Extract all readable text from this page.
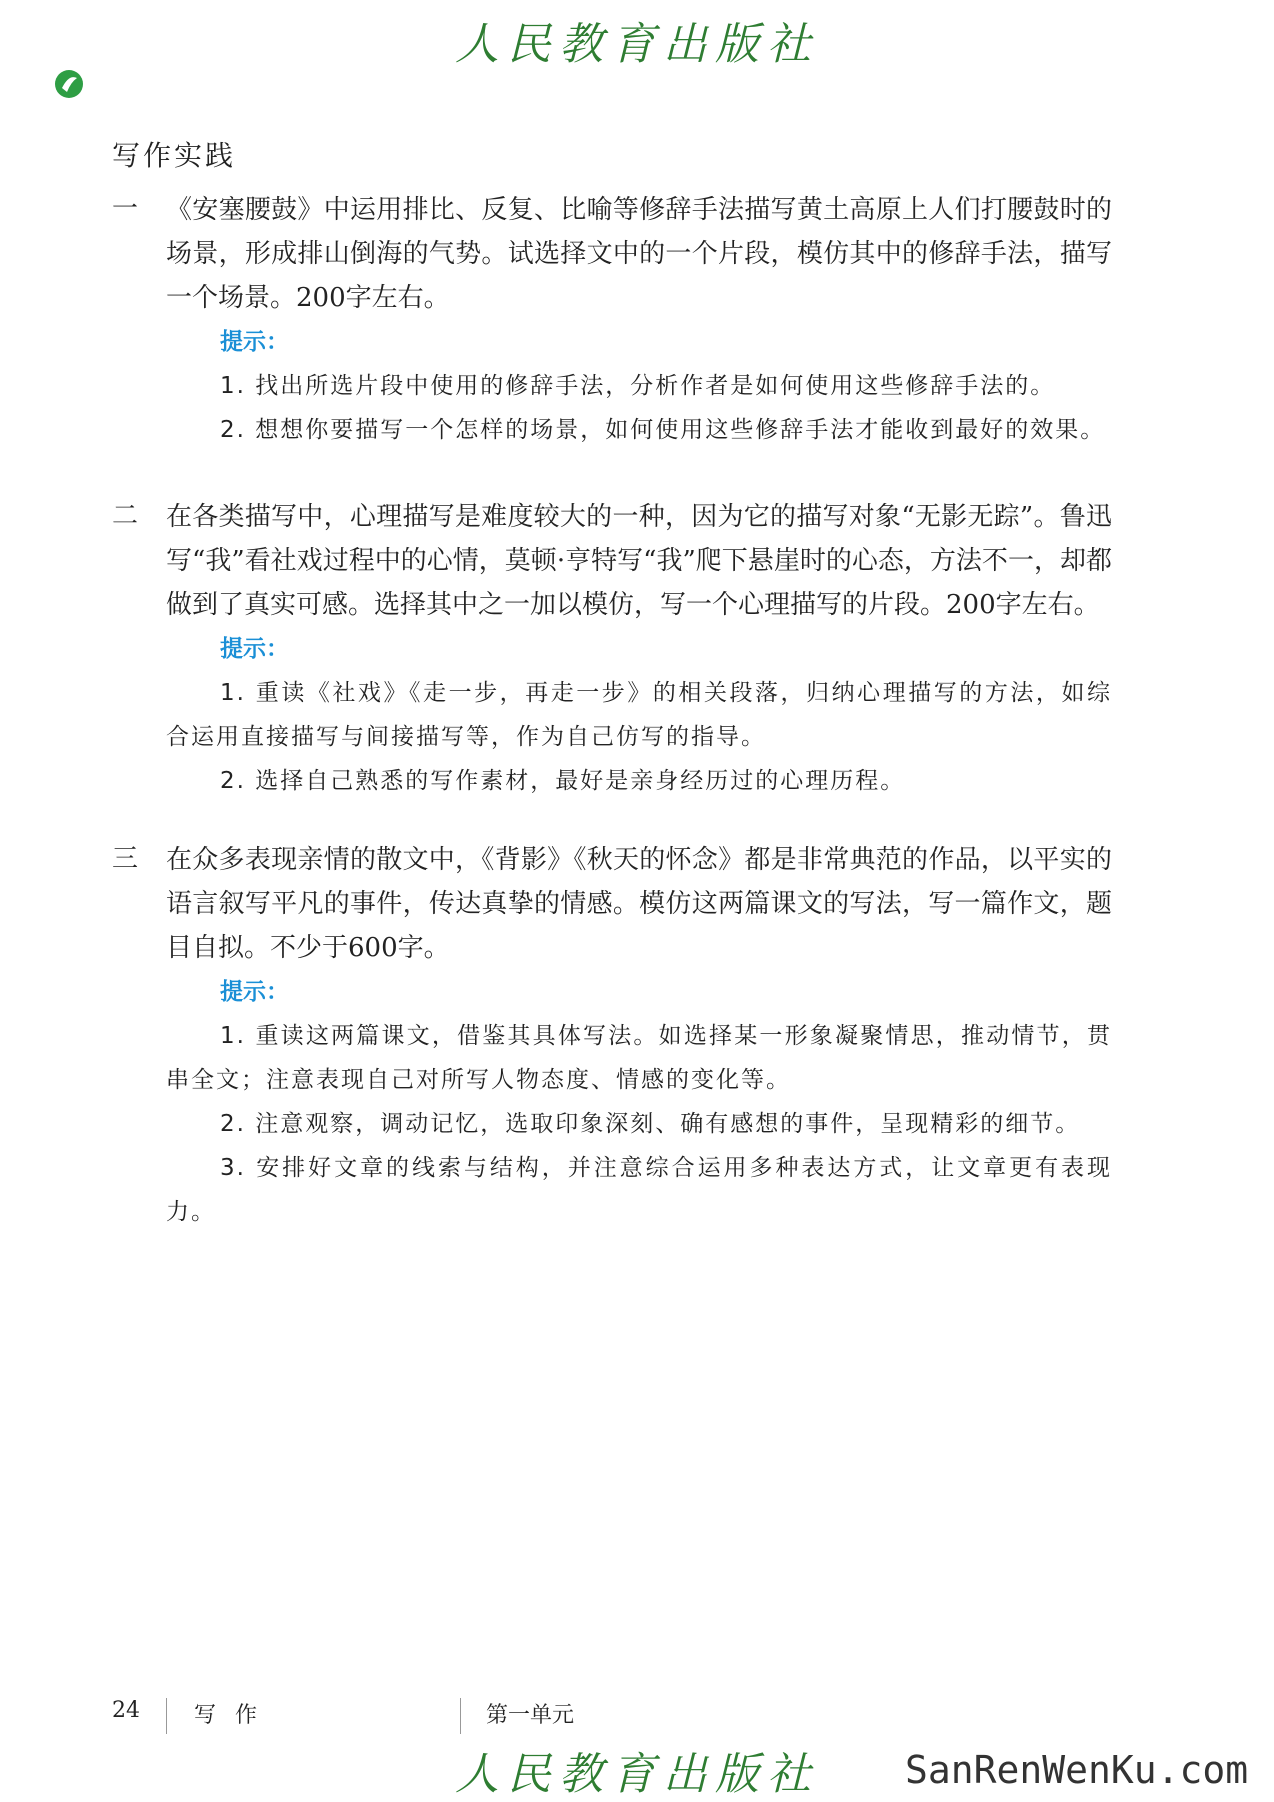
人民教育出版社
写作实践
一 《安塞腰鼓》中运用排比、反复、比喻等修辞手法描写黄土高原上人们打腰鼓时的场景，形成排山倒海的气势。试选择文中的一个片段，模仿其中的修辞手法，描写一个场景。200字左右。
提示：
1. 找出所选片段中使用的修辞手法，分析作者是如何使用这些修辞手法的。
2. 想想你要描写一个怎样的场景，如何使用这些修辞手法才能收到最好的效果。
二 在各类描写中，心理描写是难度较大的一种，因为它的描写对象“无影无踪”。鲁迅写“我”看社戏过程中的心情，莫顿·亨特写“我”爬下悬崖时的心态，方法不一，却都做到了真实可感。选择其中之一加以模仿，写一个心理描写的片段。200字左右。
提示：
1. 重读《社戏》《走一步，再走一步》的相关段落，归纳心理描写的方法，如综合运用直接描写与间接描写等，作为自己仿写的指导。
2. 选择自己熟悉的写作素材，最好是亲身经历过的心理历程。
三 在众多表现亲情的散文中，《背影》《秋天的怀念》都是非常典范的作品，以平实的语言叙写平凡的事件，传达真挚的情感。模仿这两篇课文的写法，写一篇作文，题目自拟。不少于600字。
提示：
1. 重读这两篇课文，借鉴其具体写法。如选择某一形象凝聚情思，推动情节，贯串全文；注意表现自己对所写人物态度、情感的变化等。
2. 注意观察，调动记忆，选取印象深刻、确有感想的事件，呈现精彩的细节。
3. 安排好文章的线索与结构，并注意综合运用多种表达方式，让文章更有表现力。
24 写 作	第一单元
人民教育出版社	SanRenWenKu.com
